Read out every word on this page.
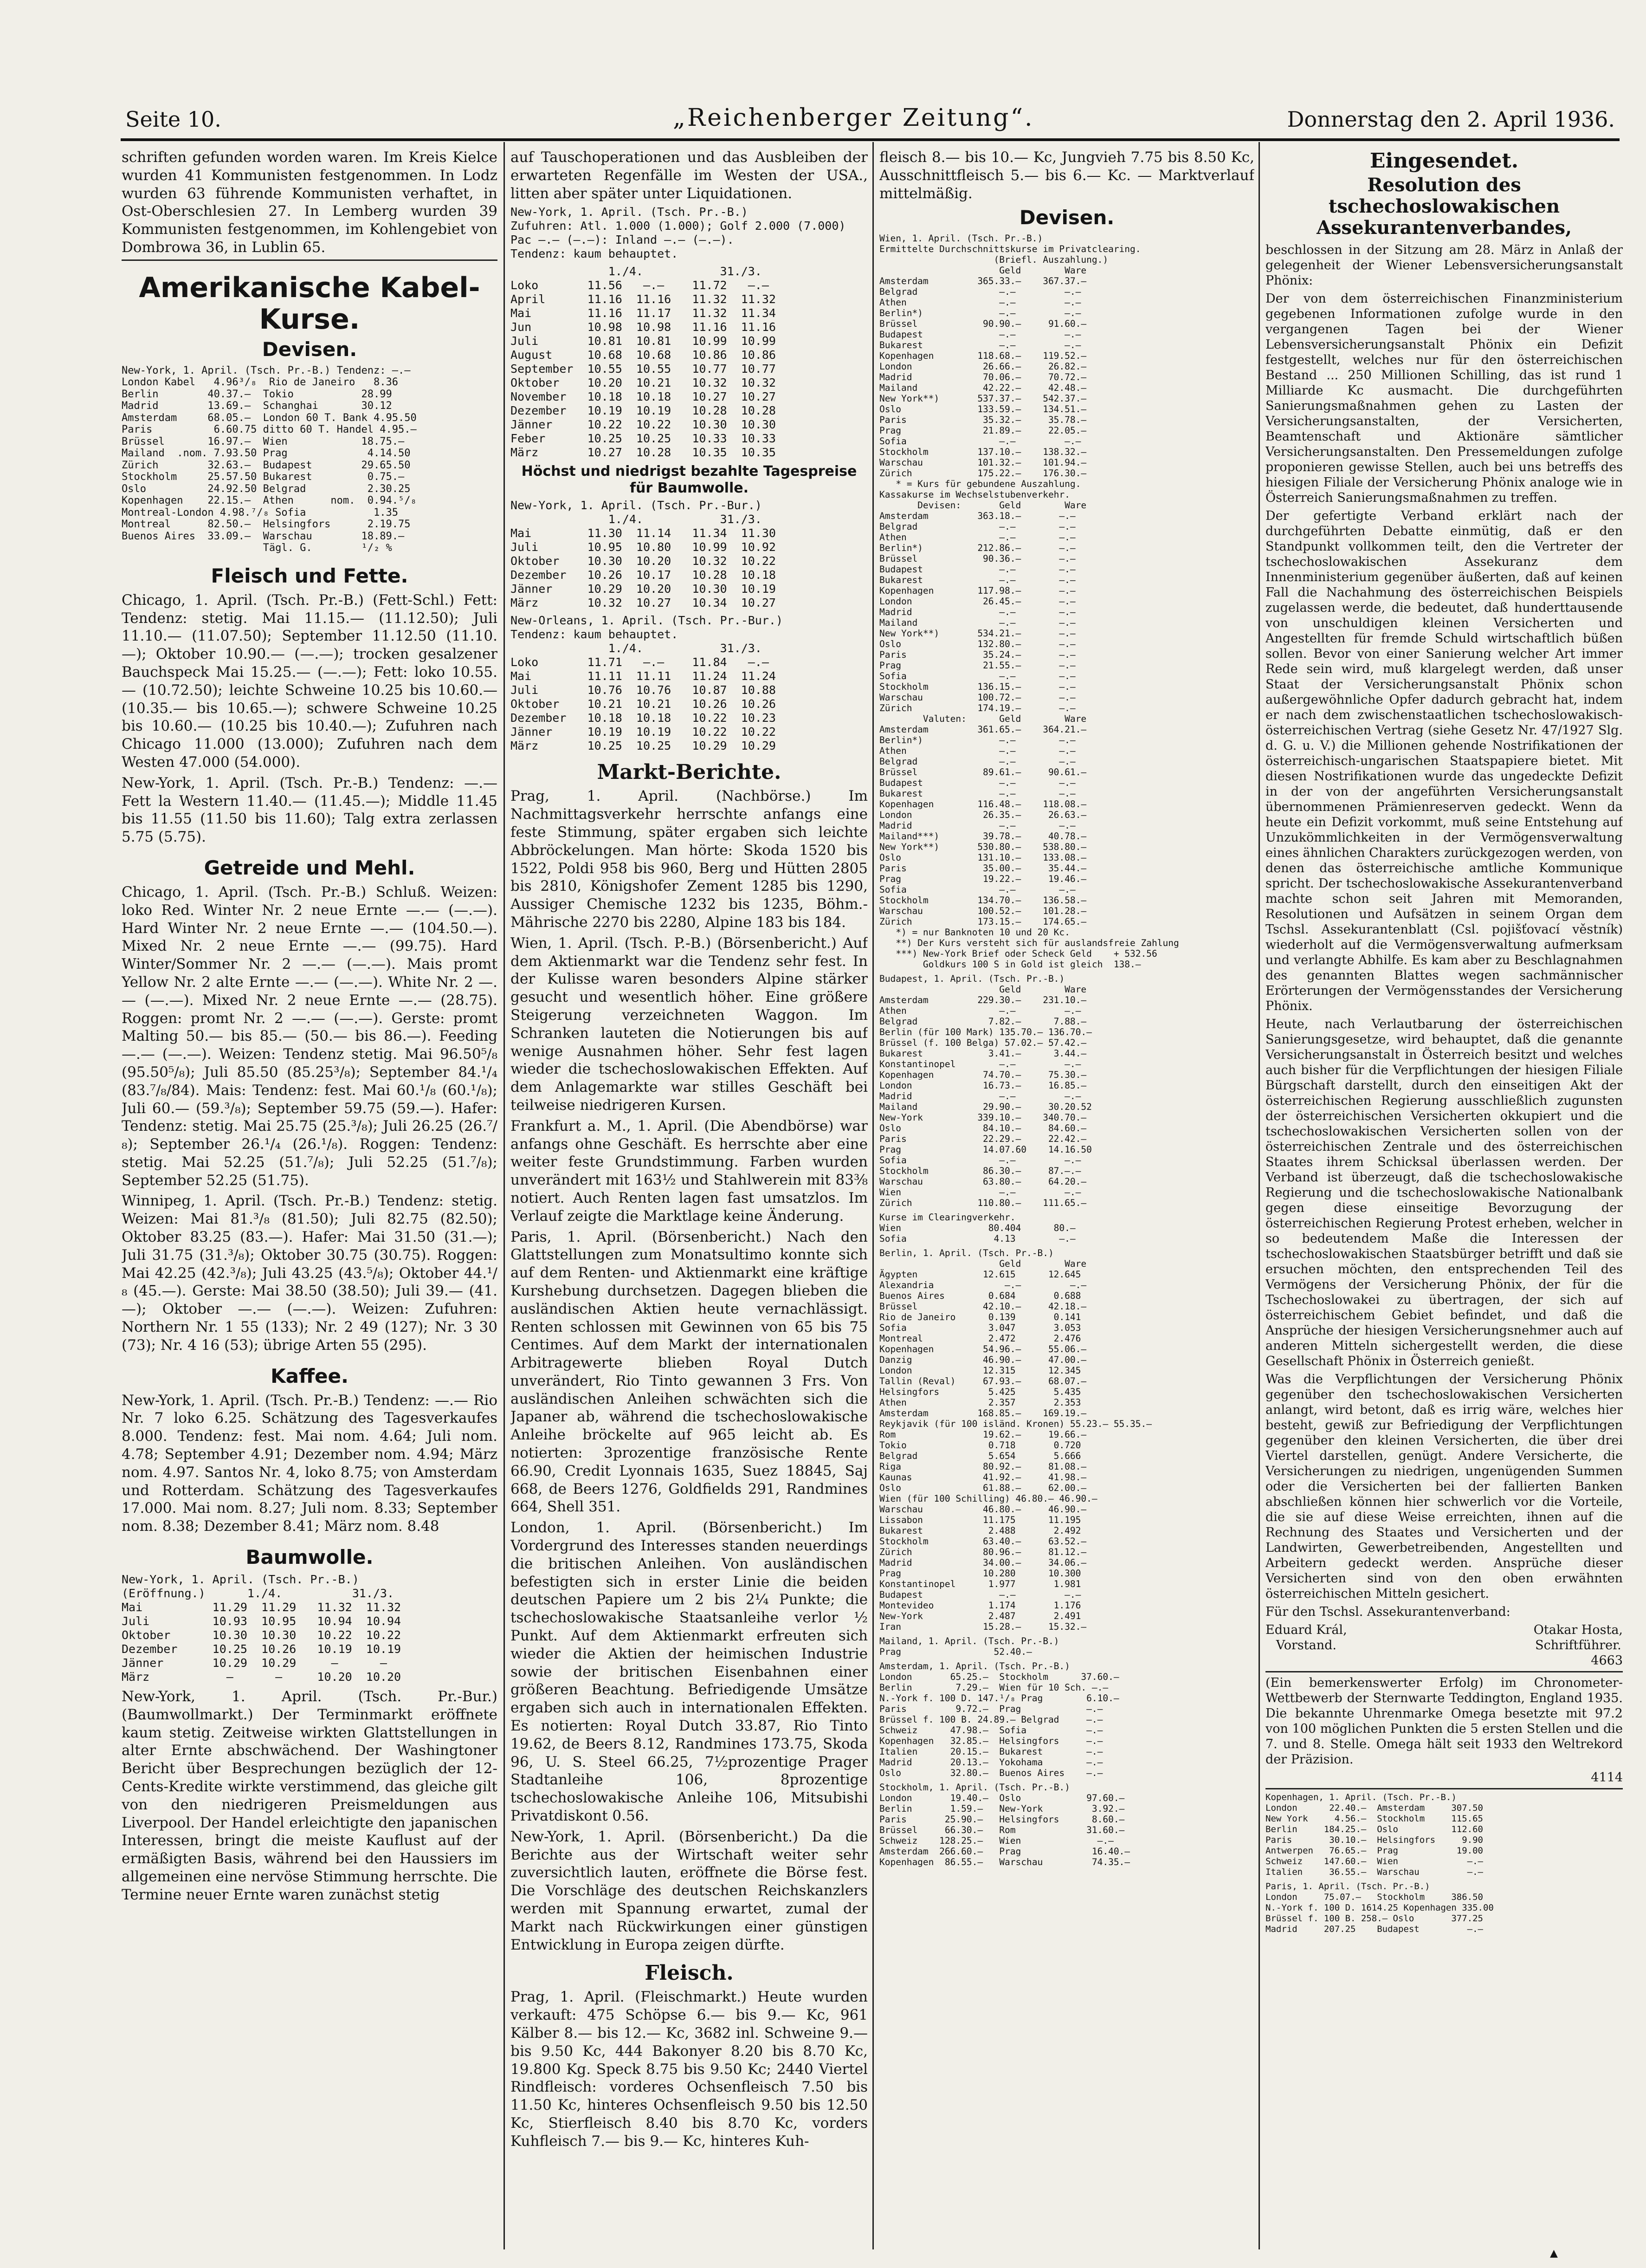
Seite 10.	„Reichenberger Zeitung“.	Donnerstag den 2. April 1936.

schriften gefunden worden waren. Im Kreis Kielce wurden 41 Kommunisten festgenommen. In Lodz wurden 63 führende Kommunisten verhaftet, in Ost-Oberschlesien 27. In Lemberg wurden 39 Kommunisten festgenommen, im Kohlengebiet von Dombrowa 36, in Lublin 65.

Amerikanische Kabel-Kurse.
Devisen.
New-York, 1. April. (Tsch. Pr.-B.) Tendenz: —.—
London Kabel   4.96³/₈  Rio de Janeiro   8.36
Berlin        40.37.—  Tokio           28.99
Madrid        13.69.—  Schanghai       30.12
Amsterdam     68.05.—  London 60 T. Bank 4.95.50
Paris          6.60.75 ditto 60 T. Handel 4.95.—
Brüssel       16.97.—  Wien            18.75.—
Mailand  .nom. 7.93.50 Prag             4.14.50
Zürich        32.63.—  Budapest        29.65.50
Stockholm     25.57.50 Bukarest         0.75.—
Oslo          24.92.50 Belgrad          2.30.25
Kopenhagen    22.15.—  Athen      nom.  0.94.⁵/₈
Montreal-London 4.98.⁷/₈ Sofia           1.35
Montreal      82.50.—  Helsingfors      2.19.75
Buenos Aires  33.09.—  Warschau        18.89.—
Tägl. G.        ¹/₂ %
Fleisch und Fette.

Chicago, 1. April. (Tsch. Pr.-B.) (Fett-Schl.) Fett: Tendenz: stetig. Mai 11.15.— (11.12.50); Juli 11.10.— (11.07.50); September 11.12.50 (11.10.—); Oktober 10.90.— (—.—); trocken gesalzener Bauchspeck Mai 15.25.— (—.—); Fett: loko 10.55.— (10.72.50); leichte Schweine 10.25 bis 10.60.— (10.35.— bis 10.65.—); schwere Schweine 10.25 bis 10.60.— (10.25 bis 10.40.—); Zufuhren nach Chicago 11.000 (13.000); Zufuhren nach dem Westen 47.000 (54.000).

New-York, 1. April. (Tsch. Pr.-B.) Tendenz: —.— Fett la Western 11.40.— (11.45.—); Middle 11.45 bis 11.55 (11.50 bis 11.60); Talg extra zerlassen 5.75 (5.75).

Getreide und Mehl.

Chicago, 1. April. (Tsch. Pr.-B.) Schluß. Weizen: loko Red. Winter Nr. 2 neue Ernte —.— (—.—). Hard Winter Nr. 2 neue Ernte —.— (104.50.—). Mixed Nr. 2 neue Ernte —.— (99.75). Hard Winter/Sommer Nr. 2 —.— (—.—). Mais promt Yellow Nr. 2 alte Ernte —.— (—.—). White Nr. 2 —.— (—.—). Mixed Nr. 2 neue Ernte —.— (28.75). Roggen: promt Nr. 2 —.— (—.—). Gerste: promt Malting 50.— bis 85.— (50.— bis 86.—). Feeding —.— (—.—). Weizen: Tendenz stetig. Mai 96.50⁵/₈ (95.50⁵/₈); Juli 85.50 (85.25³/₈); September 84.¹/₄ (83.⁷/₈/84). Mais: Tendenz: fest. Mai 60.¹/₈ (60.¹/₈); Juli 60.— (59.³/₈); September 59.75 (59.—). Hafer: Tendenz: stetig. Mai 25.75 (25.³/₈); Juli 26.25 (26.⁷/₈); September 26.¹/₄ (26.¹/₈). Roggen: Tendenz: stetig. Mai 52.25 (51.⁷/₈); Juli 52.25 (51.⁷/₈); September 52.25 (51.75).

Winnipeg, 1. April. (Tsch. Pr.-B.) Tendenz: stetig. Weizen: Mai 81.³/₈ (81.50); Juli 82.75 (82.50); Oktober 83.25 (83.—). Hafer: Mai 31.50 (31.—); Juli 31.75 (31.³/₈); Oktober 30.75 (30.75). Roggen: Mai 42.25 (42.³/₈); Juli 43.25 (43.⁵/₈); Oktober 44.¹/₈ (45.—). Gerste: Mai 38.50 (38.50); Juli 39.— (41.—); Oktober —.— (—.—). Weizen: Zufuhren: Northern Nr. 1 55 (133); Nr. 2 49 (127); Nr. 3 30 (73); Nr. 4 16 (53); übrige Arten 55 (295).

Kaffee.

New-York, 1. April. (Tsch. Pr.-B.) Tendenz: —.— Rio Nr. 7 loko 6.25. Schätzung des Tagesverkaufes 8.000. Tendenz: fest. Mai nom. 4.64; Juli nom. 4.78; September 4.91; Dezember nom. 4.94; März nom. 4.97. Santos Nr. 4, loko 8.75; von Amsterdam und Rotterdam. Schätzung des Tagesverkaufes 17.000. Mai nom. 8.27; Juli nom. 8.33; September nom. 8.38; Dezember 8.41; März nom. 8.48

Baumwolle.
New-York, 1. April. (Tsch. Pr.-B.)
(Eröffnung.)      1./4.          31./3.
Mai          11.29  11.29   11.32  11.32
Juli         10.93  10.95   10.94  10.94
Oktober      10.30  10.30   10.22  10.22
Dezember     10.25  10.26   10.19  10.19
Jänner       10.29  10.29     —      —
März           —      —     10.20  10.20

New-York, 1. April. (Tsch. Pr.-Bur.) (Baumwollmarkt.) Der Terminmarkt eröffnete kaum stetig. Zeitweise wirkten Glattstellungen in alter Ernte abschwächend. Der Washingtoner Bericht über Besprechungen bezüglich der 12-Cents-Kredite wirkte verstimmend, das gleiche gilt von den niedrigeren Preismeldungen aus Liverpool. Der Handel erleichtigte den japanischen Interessen, bringt die meiste Kauflust auf der ermäßigten Basis, während bei den Haussiers im allgemeinen eine nervöse Stimmung herrschte. Die Termine neuer Ernte waren zunächst stetig

auf Tauschoperationen und das Ausbleiben der erwarteten Regenfälle im Westen der USA., litten aber später unter Liquidationen.

New-York, 1. April. (Tsch. Pr.-B.)
Zufuhren: Atl. 1.000 (1.000); Golf 2.000 (7.000)
Pac —.— (—.—): Inland —.— (—.—).
Tendenz: kaum behauptet.
1./4.           31./3.
Loko       11.56   —.—    11.72   —.—
April      11.16  11.16   11.32  11.32
Mai        11.16  11.17   11.32  11.34
Jun        10.98  10.98   11.16  11.16
Juli       10.81  10.81   10.99  10.99
August     10.68  10.68   10.86  10.86
September  10.55  10.55   10.77  10.77
Oktober    10.20  10.21   10.32  10.32
November   10.18  10.18   10.27  10.27
Dezember   10.19  10.19   10.28  10.28
Jänner     10.22  10.22   10.30  10.30
Feber      10.25  10.25   10.33  10.33
März       10.27  10.28   10.35  10.35
Höchst und niedrigst bezahlte Tagespreise für Baumwolle.
New-York, 1. April. (Tsch. Pr.-Bur.)
1./4.           31./3.
Mai        11.30  11.14   11.34  11.30
Juli       10.95  10.80   10.99  10.92
Oktober    10.30  10.20   10.32  10.22
Dezember   10.26  10.17   10.28  10.18
Jänner     10.29  10.20   10.30  10.19
März       10.32  10.27   10.34  10.27
New-Orleans, 1. April. (Tsch. Pr.-Bur.)
Tendenz: kaum behauptet.
1./4.           31./3.
Loko       11.71   —.—    11.84   —.—
Mai        11.11  11.11   11.24  11.24
Juli       10.76  10.76   10.87  10.88
Oktober    10.21  10.21   10.26  10.26
Dezember   10.18  10.18   10.22  10.23
Jänner     10.19  10.19   10.22  10.22
März       10.25  10.25   10.29  10.29
Markt-Berichte.

Prag, 1. April. (Nachbörse.) Im Nachmittagsverkehr herrschte anfangs eine feste Stimmung, später ergaben sich leichte Abbröckelungen. Man hörte: Skoda 1520 bis 1522, Poldi 958 bis 960, Berg und Hütten 2805 bis 2810, Königshofer Zement 1285 bis 1290, Aussiger Chemische 1232 bis 1235, Böhm.-Mährische 2270 bis 2280, Alpine 183 bis 184.

Wien, 1. April. (Tsch. P.-B.) (Börsenbericht.) Auf dem Aktienmarkt war die Tendenz sehr fest. In der Kulisse waren besonders Alpine stärker gesucht und wesentlich höher. Eine größere Steigerung verzeichneten Waggon. Im Schranken lauteten die Notierungen bis auf wenige Ausnahmen höher. Sehr fest lagen wieder die tschechoslowakischen Effekten. Auf dem Anlagemarkte war stilles Geschäft bei teilweise niedrigeren Kursen.

Frankfurt a. M., 1. April. (Die Abendbörse) war anfangs ohne Geschäft. Es herrschte aber eine weiter feste Grundstimmung. Farben wurden unverändert mit 163½ und Stahlwerein mit 83⅜ notiert. Auch Renten lagen fast umsatzlos. Im Verlauf zeigte die Marktlage keine Änderung.

Paris, 1. April. (Börsenbericht.) Nach den Glattstellungen zum Monatsultimo konnte sich auf dem Renten- und Aktienmarkt eine kräftige Kurshebung durchsetzen. Dagegen blieben die ausländischen Aktien heute vernachlässigt. Renten schlossen mit Gewinnen von 65 bis 75 Centimes. Auf dem Markt der internationalen Arbitragewerte blieben Royal Dutch unverändert, Rio Tinto gewannen 3 Frs. Von ausländischen Anleihen schwächten sich die Japaner ab, während die tschechoslowakische Anleihe bröckelte auf 965 leicht ab. Es notierten: 3prozentige französische Rente 66.90, Credit Lyonnais 1635, Suez 18845, Saj 668, de Beers 1276, Goldfields 291, Randmines 664, Shell 351.

London, 1. April. (Börsenbericht.) Im Vordergrund des Interesses standen neuerdings die britischen Anleihen. Von ausländischen befestigten sich in erster Linie die beiden deutschen Papiere um 2 bis 2¼ Punkte; die tschechoslowakische Staatsanleihe verlor ½ Punkt. Auf dem Aktienmarkt erfreuten sich wieder die Aktien der heimischen Industrie sowie der britischen Eisenbahnen einer größeren Beachtung. Befriedigende Umsätze ergaben sich auch in internationalen Effekten. Es notierten: Royal Dutch 33.87, Rio Tinto 19.62, de Beers 8.12, Randmines 173.75, Skoda 96, U. S. Steel 66.25, 7½prozentige Prager Stadtanleihe 106, 8prozentige tschechoslowakische Anleihe 106, Mitsubishi Privatdiskont 0.56.

New-York, 1. April. (Börsenbericht.) Da die Berichte aus der Wirtschaft weiter sehr zuversichtlich lauten, eröffnete die Börse fest. Die Vorschläge des deutschen Reichskanzlers werden mit Spannung erwartet, zumal der Markt nach Rückwirkungen einer günstigen Entwicklung in Europa zeigen dürfte.

Fleisch.

Prag, 1. April. (Fleischmarkt.) Heute wurden verkauft: 475 Schöpse 6.— bis 9.— Kc, 961 Kälber 8.— bis 12.— Kc, 3682 inl. Schweine 9.— bis 9.50 Kc, 444 Bakonyer 8.20 bis 8.70 Kc, 19.800 Kg. Speck 8.75 bis 9.50 Kc; 2440 Viertel Rindfleisch: vorderes Ochsenfleisch 7.50 bis 11.50 Kc, hinteres Ochsenfleisch 9.50 bis 12.50 Kc, Stierfleisch 8.40 bis 8.70 Kc, vorders Kuhfleisch 7.— bis 9.— Kc, hinteres Kuh-

fleisch 8.— bis 10.— Kc, Jungvieh 7.75 bis 8.50 Kc, Ausschnittfleisch 5.— bis 6.— Kc. — Marktverlauf mittelmäßig.

Devisen.
Wien, 1. April. (Tsch. Pr.-B.)
Ermittelte Durchschnittskurse im Privatclearing.
(Briefl. Auszahlung.)
Geld        Ware
Amsterdam         365.33.—    367.37.—
Belgrad               —.—         —.—
Athen                 —.—         —.—
Berlin*)              —.—         —.—
Brüssel            90.90.—     91.60.—
Budapest              —.—         —.—
Bukarest              —.—         —.—
Kopenhagen        118.68.—    119.52.—
London             26.66.—     26.82.—
Madrid             70.06.—     70.72.—
Mailand            42.22.—     42.48.—
New York**)       537.37.—    542.37.—
Oslo              133.59.—    134.51.—
Paris              35.32.—     35.78.—
Prag               21.89.—     22.05.—
Sofia                 —.—         —.—
Stockholm         137.10.—    138.32.—
Warschau          101.32.—    101.94.—
Zürich            175.22.—    176.30.—
* = Kurs für gebundene Auszahlung.
Kassakurse im Wechselstubenverkehr.
Devisen:       Geld        Ware
Amsterdam         363.18.—       —.—
Belgrad               —.—        —.—
Athen                 —.—        —.—
Berlin*)          212.86.—       —.—
Brüssel            90.36.—       —.—
Budapest              —.—        —.—
Bukarest              —.—        —.—
Kopenhagen        117.98.—       —.—
London             26.45.—       —.—
Madrid                —.—        —.—
Mailand               —.—        —.—
New York**)       534.21.—       —.—
Oslo              132.80.—       —.—
Paris              35.24.—       —.—
Prag               21.55.—       —.—
Sofia                 —.—        —.—
Stockholm         136.15.—       —.—
Warschau          100.72.—       —.—
Zürich            174.19.—       —.—
Valuten:      Geld        Ware
Amsterdam         361.65.—    364.21.—
Berlin*)              —.—        —.—
Athen                 —.—        —.—
Belgrad               —.—        —.—
Brüssel            89.61.—     90.61.—
Budapest              —.—        —.—
Bukarest              —.—        —.—
Kopenhagen        116.48.—    118.08.—
London             26.35.—     26.63.—
Madrid                —.—        —.—
Mailand***)        39.78.—     40.78.—
New York**)       530.80.—    538.80.—
Oslo              131.10.—    133.08.—
Paris              35.00.—     35.44.—
Prag               19.22.—     19.46.—
Sofia                 —.—        —.—
Stockholm         134.70.—    136.58.—
Warschau          100.52.—    101.28.—
Zürich            173.15.—    174.65.—
*) = nur Banknoten 10 und 20 Kc.
**) Der Kurs versteht sich für auslandsfreie Zahlung
***) New-York Brief oder Scheck Geld    + 532.56
Goldkurs 100 S in Gold ist gleich  138.—
Budapest, 1. April. (Tsch. Pr.-B.)
Geld        Ware
Amsterdam         229.30.—    231.10.—
Athen                 —.—         —.—
Belgrad             7.82.—      7.88.—
Berlin (für 100 Mark) 135.70.— 136.70.—
Brüssel (f. 100 Belga) 57.02.— 57.42.—
Bukarest            3.41.—      3.44.—
Konstantinopel        —.—         —.—
Kopenhagen         74.70.—     75.30.—
London             16.73.—     16.85.—
Madrid                —.—         —.—
Mailand            29.90.—     30.20.52
New-York          339.10.—    340.70.—
Oslo               84.10.—     84.60.—
Paris              22.29.—     22.42.—
Prag               14.07.60    14.16.50
Sofia                 —.—         —.—
Stockholm          86.30.—     87.—.—
Warschau           63.80.—     64.20.—
Wien                  —.—         —.—
Zürich            110.80.—    111.65.—
Kurse im Clearingverkehr.
Wien                80.404      80.—
Sofia                4.13        —.—
Berlin, 1. April. (Tsch. Pr.-B.)
Geld        Ware
Ägypten            12.615      12.645
Alexandria             —.—         —.—
Buenos Aires        0.684       0.688
Brüssel            42.10.—     42.18.—
Rio de Janeiro      0.139       0.141
Sofia               3.047       3.053
Montreal            2.472       2.476
Kopenhagen         54.96.—     55.06.—
Danzig             46.90.—     47.00.—
London             12.315      12.345
Tallin (Reval)     67.93.—     68.07.—
Helsingfors         5.425       5.435
Athen               2.357       2.353
Amsterdam         168.85.—    169.19.—
Reykjavik (für 100 isländ. Kronen) 55.23.— 55.35.—
Rom                19.62.—     19.66.—
Tokio               0.718       0.720
Belgrad             5.654       5.666
Riga               80.92.—     81.08.—
Kaunas             41.92.—     41.98.—
Oslo               61.88.—     62.00.—
Wien (für 100 Schilling) 46.80.— 46.90.—
Warschau           46.80.—     46.90.—
Lissabon           11.175      11.195
Bukarest            2.488       2.492
Stockholm          63.40.—     63.52.—
Zürich             80.96.—     81.12.—
Madrid             34.00.—     34.06.—
Prag               10.280      10.300
Konstantinopel      1.977       1.981
Budapest              —.—         —.—
Montevideo          1.174       1.176
New-York            2.487       2.491
Iran               15.28.—     15.32.—
Mailand, 1. April. (Tsch. Pr.-B.)
Prag                 52.40.—
Amsterdam, 1. April. (Tsch. Pr.-B.)
London       65.25.—  Stockholm      37.60.—
Berlin        7.29.—  Wien für 10 Sch. —.—
N.-York f. 100 D. 147.¹/₈ Prag        6.10.—
Paris         9.72.—  Prag            —.—
Brüssel f. 100 B. 24.89.— Belgrad     —.—
Schweiz      47.98.—  Sofia           —.—
Kopenhagen   32.85.—  Helsingfors     —.—
Italien      20.15.—  Bukarest        —.—
Madrid       20.13.—  Yokohama        —.—
Oslo         32.80.—  Buenos Aires    —.—
Stockholm, 1. April. (Tsch. Pr.-B.)
London       19.40.—  Oslo            97.60.—
Berlin       1.59.—   New-York         3.92.—
Paris       25.90.—   Helsingfors      8.60.—
Brüssel     66.30.—   Rom             31.60.—
Schweiz    128.25.—   Wien              —.—
Amsterdam  266.60.—   Prag             16.40.—
Kopenhagen  86.55.—   Warschau         74.35.—
Eingesendet.
Resolution des tschechoslowakischen Assekurantenverbandes,

beschlossen in der Sitzung am 28. März in Anlaß der gelegenheit der Wiener Lebensversicherungsanstalt Phönix:

Der von dem österreichischen Finanzministerium gegebenen Informationen zufolge wurde in den vergangenen Tagen bei der Wiener Lebensversicherungsanstalt Phönix ein Defizit festgestellt, welches nur für den österreichischen Bestand ... 250 Millionen Schilling, das ist rund 1 Milliarde Kc ausmacht. Die durchgeführten Sanierungsmaßnahmen gehen zu Lasten der Versicherungsanstalten, der Versicherten, Beamtenschaft und Aktionäre sämtlicher Versicherungsanstalten. Den Pressemeldungen zufolge proponieren gewisse Stellen, auch bei uns betreffs des hiesigen Filiale der Versicherung Phönix analoge wie in Österreich Sanierungsmaßnahmen zu treffen.

Der gefertigte Verband erklärt nach der durchgeführten Debatte einmütig, daß er den Standpunkt vollkommen teilt, den die Vertreter der tschechoslowakischen Assekuranz dem Innenministerium gegenüber äußerten, daß auf keinen Fall die Nachahmung des österreichischen Beispiels zugelassen werde, die bedeutet, daß hunderttausende von unschuldigen kleinen Versicherten und Angestellten für fremde Schuld wirtschaftlich büßen sollen. Bevor von einer Sanierung welcher Art immer Rede sein wird, muß klargelegt werden, daß unser Staat der Versicherungsanstalt Phönix schon außergewöhnliche Opfer dadurch gebracht hat, indem er nach dem zwischenstaatlichen tschechoslowakisch-österreichischen Vertrag (siehe Gesetz Nr. 47/1927 Slg. d. G. u. V.) die Millionen gehende Nostrifikationen der österreichisch-ungarischen Staatspapiere bietet. Mit diesen Nostrifikationen wurde das ungedeckte Defizit in der von der angeführten Versicherungsanstalt übernommenen Prämienreserven gedeckt. Wenn da heute ein Defizit vorkommt, muß seine Entstehung auf Unzukömmlichkeiten in der Vermögensverwaltung eines ähnlichen Charakters zurückgezogen werden, von denen das österreichische amtliche Kommunique spricht. Der tschechoslowakische Assekurantenverband machte schon seit Jahren mit Memoranden, Resolutionen und Aufsätzen in seinem Organ dem Tschsl. Assekurantenblatt (Csl. pojišťovací věstník) wiederholt auf die Vermögensverwaltung aufmerksam und verlangte Abhilfe. Es kam aber zu Beschlagnahmen des genannten Blattes wegen sachmännischer Erörterungen der Vermögensstandes der Versicherung Phönix.

Heute, nach Verlautbarung der österreichischen Sanierungsgesetze, wird behauptet, daß die genannte Versicherungsanstalt in Österreich besitzt und welches auch bisher für die Verpflichtungen der hiesigen Filiale Bürgschaft darstellt, durch den einseitigen Akt der österreichischen Regierung ausschließlich zugunsten der österreichischen Versicherten okkupiert und die tschechoslowakischen Versicherten sollen von der österreichischen Zentrale und des österreichischen Staates ihrem Schicksal überlassen werden. Der Verband ist überzeugt, daß die tschechoslowakische Regierung und die tschechoslowakische Nationalbank gegen diese einseitige Bevorzugung der österreichischen Regierung Protest erheben, welcher in so bedeutendem Maße die Interessen der tschechoslowakischen Staatsbürger betrifft und daß sie ersuchen möchten, den entsprechenden Teil des Vermögens der Versicherung Phönix, der für die Tschechoslowakei zu übertragen, der sich auf österreichischem Gebiet befindet, und daß die Ansprüche der hiesigen Versicherungsnehmer auch auf anderen Mitteln sichergestellt werden, die diese Gesellschaft Phönix in Österreich genießt.

Was die Verpflichtungen der Versicherung Phönix gegenüber den tschechoslowakischen Versicherten anlangt, wird betont, daß es irrig wäre, welches hier besteht, gewiß zur Befriedigung der Verpflichtungen gegenüber den kleinen Versicherten, die über drei Viertel darstellen, genügt. Andere Versicherte, die Versicherungen zu niedrigen, ungenügenden Summen oder die Versicherten bei der fallierten Banken abschließen können hier schwerlich vor die Vorteile, die sie auf diese Weise erreichten, ihnen auf die Rechnung des Staates und Versicherten und der Landwirten, Gewerbetreibenden, Angestellten und Arbeitern gedeckt werden. Ansprüche dieser Versicherten sind von den oben erwähnten österreichischen Mitteln gesichert.

Für den Tschsl. Assekurantenverband:

Eduard Král,
Vorstand.
Otakar Hosta,
Schriftführer.
4663

(Ein bemerkenswerter Erfolg) im Chronometer-Wettbewerb der Sternwarte Teddington, England 1935. Die bekannte Uhrenmarke Omega besetzte mit 97.2 von 100 möglichen Punkten die 5 ersten Stellen und die 7. und 8. Stelle. Omega hält seit 1933 den Weltrekord der Präzision.

4114
Kopenhagen, 1. April. (Tsch. Pr.-B.)
London      22.40.—  Amsterdam     307.50
New York     4.56.—  Stockholm     115.65
Berlin     184.25.—  Oslo          112.60
Paris       30.10.—  Helsingfors     9.90
Antwerpen   76.65.—  Prag           19.00
Schweiz    147.60.—  Wien             —.—
Italien     36.55.—  Warschau         —.—
Paris, 1. April. (Tsch. Pr.-B.)
London     75.07.—   Stockholm     386.50
N.-York f. 100 D. 1614.25 Kopenhagen 335.00
Brüssel f. 100 B. 258.— Oslo       377.25
Madrid     207.25    Budapest         —.—
▲
